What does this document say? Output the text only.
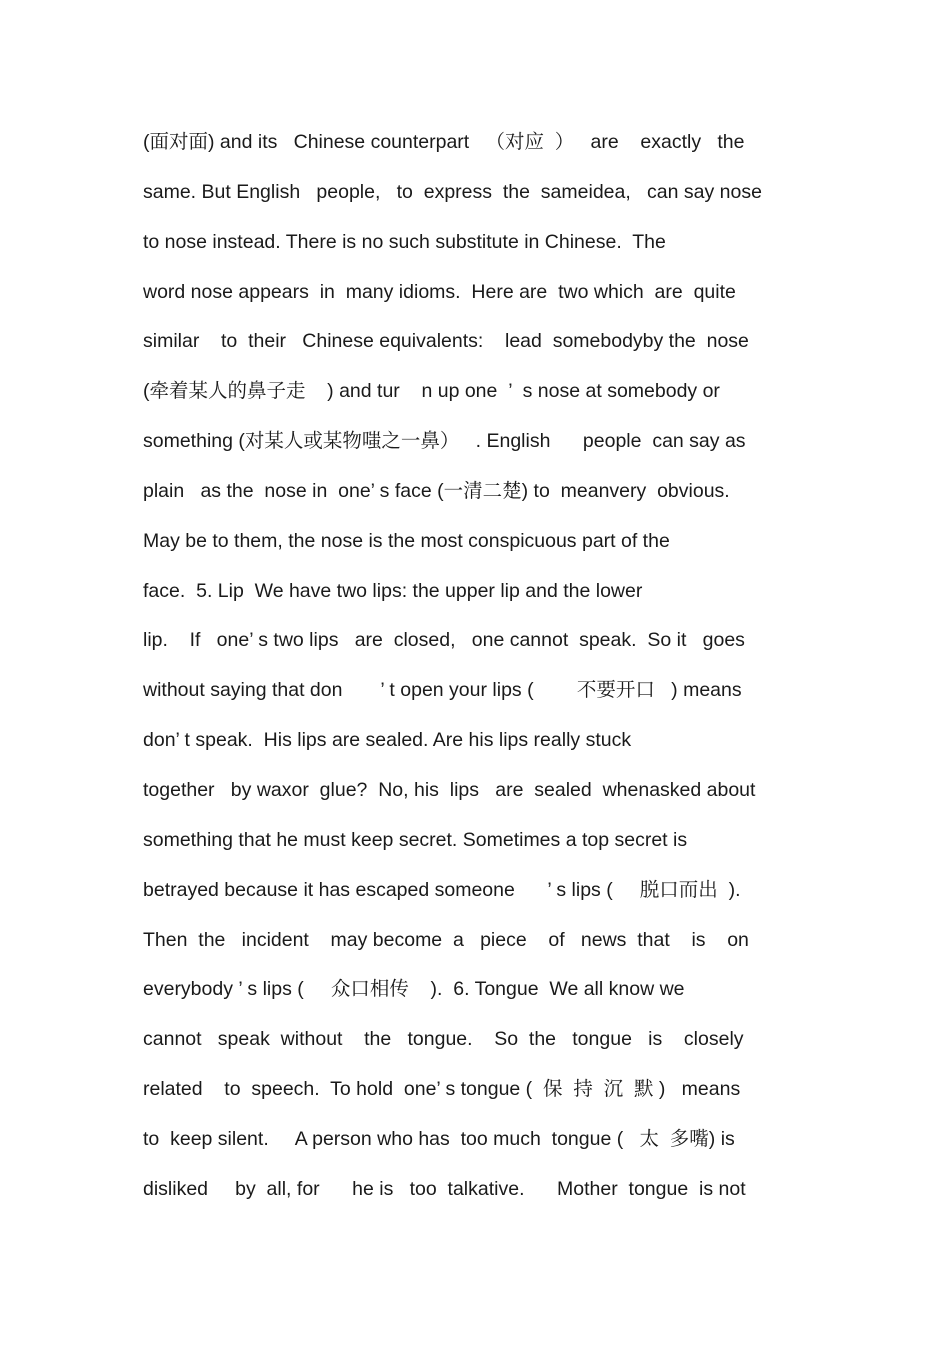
(面对面) and its   Chinese counterpart   （对应  ）   are    exactly   the
same. But English   people,   to  express  the  sameidea,   can say nose
to nose instead. There is no such substitute in Chinese.  The
word nose appears  in  many idioms.  Here are  two which  are  quite
similar    to  their   Chinese equivalents:    lead  somebodyby the  nose
(牵着某人的鼻子走    ) and tur    n up one  ’  s nose at somebody or
something (对某人或某物嗤之一鼻）   . English      people  can say as
plain   as the  nose in  one’ s face (一清二楚) to  meanvery  obvious.
May be to them, the nose is the most conspicuous part of the
face.  5. Lip  We have two lips: the upper lip and the lower
lip.    If   one’ s two lips   are  closed,   one cannot  speak.  So it   goes
without saying that don       ’ t open your lips (        不要开口   ) means
don’ t speak.  His lips are sealed. Are his lips really stuck
together   by waxor  glue?  No, his  lips   are  sealed  whenasked about
something that he must keep secret. Sometimes a top secret is
betrayed because it has escaped someone      ’ s lips (     脱口而出  ).
Then  the   incident    may become  a   piece    of   news  that    is    on
everybody ’ s lips (     众口相传    ).  6. Tongue  We all know we
cannot   speak  without    the   tongue.    So  the   tongue   is    closely
related    to  speech.  To hold  one’ s tongue (  保  持  沉  默 )   means
to  keep silent.     A person who has  too much  tongue (   太  多嘴) is
disliked     by  all, for      he is   too  talkative.      Mother  tongue  is not
